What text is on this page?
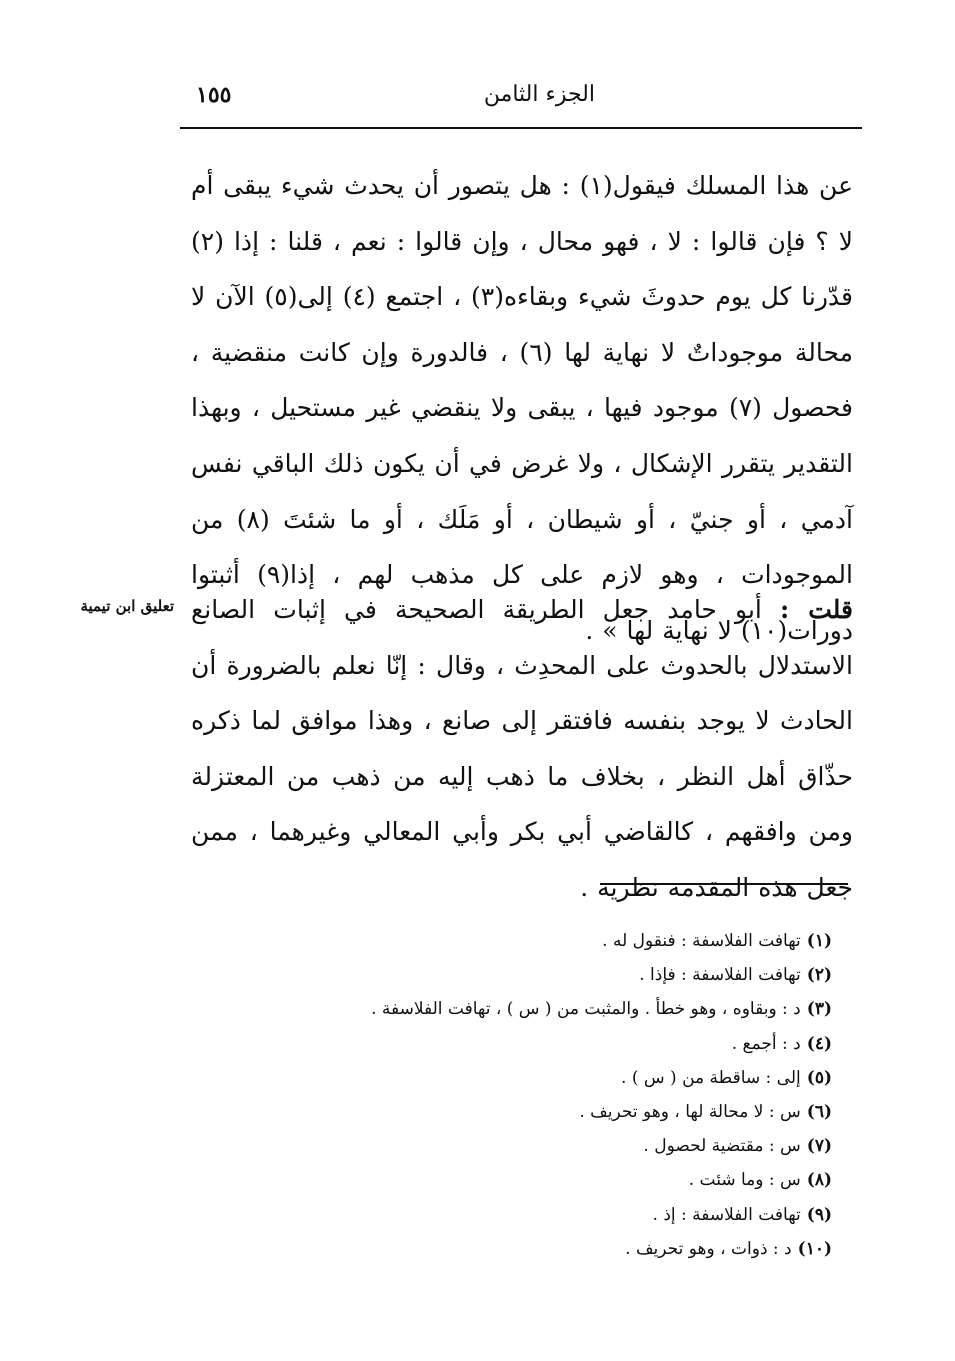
الجزء الثامن
١٥٥

عن هذا المسلك فيقول(١) : هل يتصور أن يحدث شيء يبقى أم لا ؟ فإن قالوا : لا ، فهو محال ، وإن قالوا : نعم ، قلنا : إذا (٢) قدّرنا كل يوم حدوثَ شيء وبقاءه(٣) ، اجتمع (٤) إلى(٥) الآن لا محالة موجوداتٌ لا نهاية لها (٦) ، فالدورة وإن كانت منقضية ، فحصول (٧) موجود فيها ، يبقى ولا ينقضي غير مستحيل ، وبهذا التقدير يتقرر الإشكال ، ولا غرض في أن يكون ذلك الباقي نفس آدمي ، أو جنيّ ، أو شيطان ، أو مَلَك ، أو ما شئتَ (٨) من الموجودات ، وهو لازم على كل مذهب لهم ، إذا(٩) أثبتوا دورات(١٠) لا نهاية لها » .

تعليق ابن تيمية	قلت : أبو حامد جعل الطريقة الصحيحة في إثبات الصانع الاستدلال بالحدوث على المحدِث ، وقال : إنّا نعلم بالضرورة أن الحادث لا يوجد بنفسه فافتقر إلى صانع ، وهذا موافق لما ذكره حذّاق أهل النظر ، بخلاف ما ذهب إليه من ذهب من المعتزلة ومن وافقهم ، كالقاضي أبي بكر وأبي المعالي وغيرهما ، ممن جعل هذه المقدمة نظرية .

(١)تهافت الفلاسفة : فنقول له .
(٢)تهافت الفلاسفة : فإذا .
(٣)د : وبقاوه ، وهو خطأ . والمثبت من ( س ) ، تهافت الفلاسفة .
(٤)د : أجمع .
(٥)إلى : ساقطة من ( س ) .
(٦)س : لا محالة لها ، وهو تحريف .
(٧)س : مقتضية لحصول .
(٨)س : وما شئت .
(٩)تهافت الفلاسفة : إذ .
(١٠)د : ذوات ، وهو تحريف .
